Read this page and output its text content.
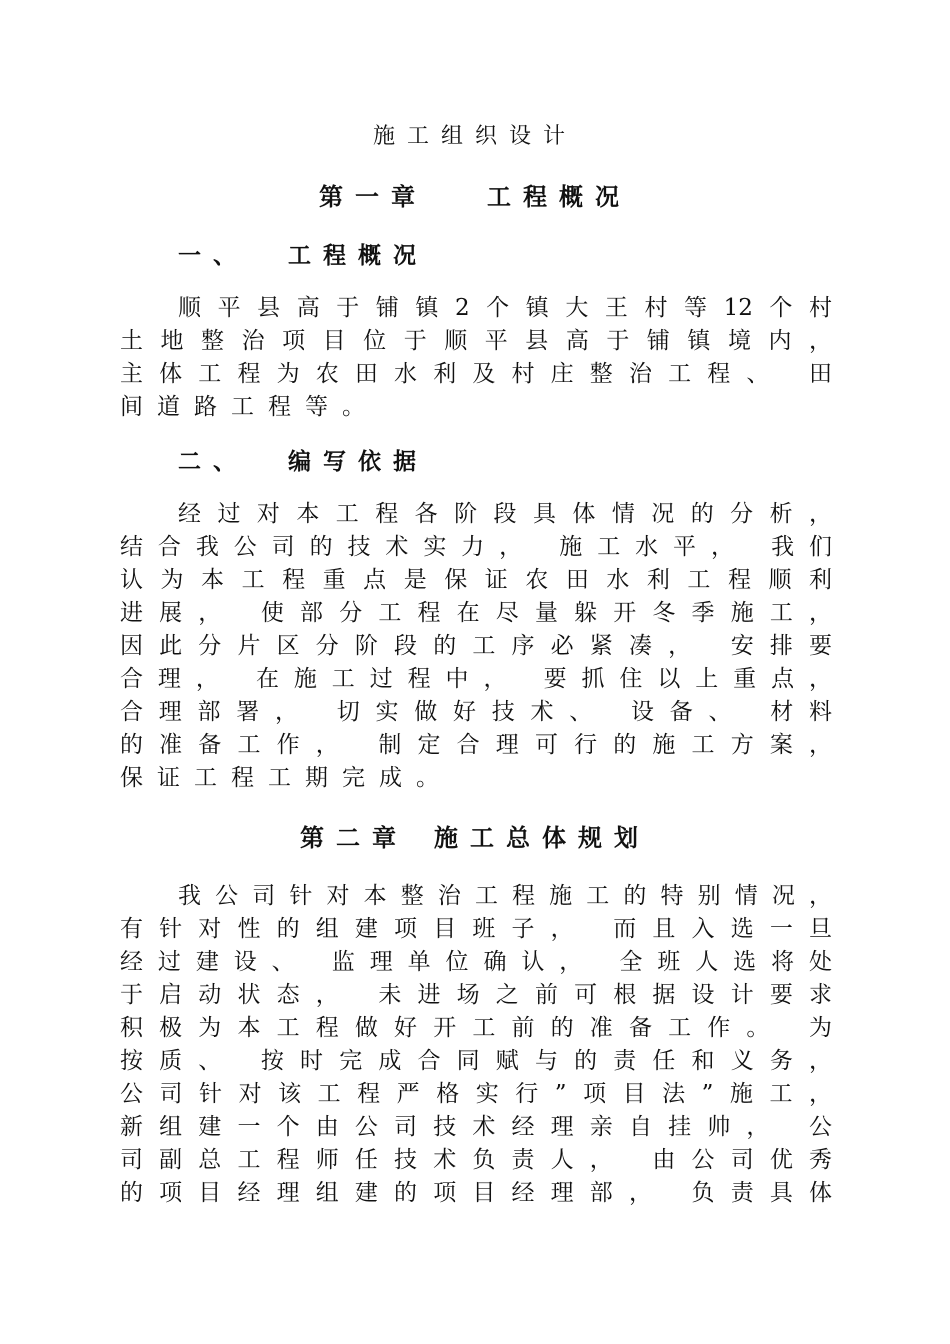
施工组织设计
第一章	工程概况
一、 工程概况
顺平县高于铺镇2个镇大王村等12个村
土地整治项目位于顺平县高于铺镇境内，
主体工程为农田水利及村庄整治工程、 田
间道路工程等。
二、 编写依据
经过对本工程各阶段具体情况的分析，
结合我公司的技术实力， 施工水平， 我们
认为本工程重点是保证农田水利工程顺利
进展， 使部分工程在尽量躲开冬季施工，
因此分片区分阶段的工序必紧凑， 安排要
合理， 在施工过程中， 要抓住以上重点，
合理部署， 切实做好技术、 设备、 材料
的准备工作， 制定合理可行的施工方案，
保证工程工期完成。
第二章 施工总体规划
我公司针对本整治工程施工的特别情况，
有针对性的组建项目班子， 而且入选一旦
经过建设、 监理单位确认， 全班人选将处
于启动状态， 未进场之前可根据设计要求
积极为本工程做好开工前的准备工作。 为
按质、 按时完成合同赋与的责任和义务，
公司针对该工程严格实行”项目法”施工，
新组建一个由公司技术经理亲自挂帅， 公
司副总工程师任技术负责人， 由公司优秀
的项目经理组建的项目经理部， 负责具体
